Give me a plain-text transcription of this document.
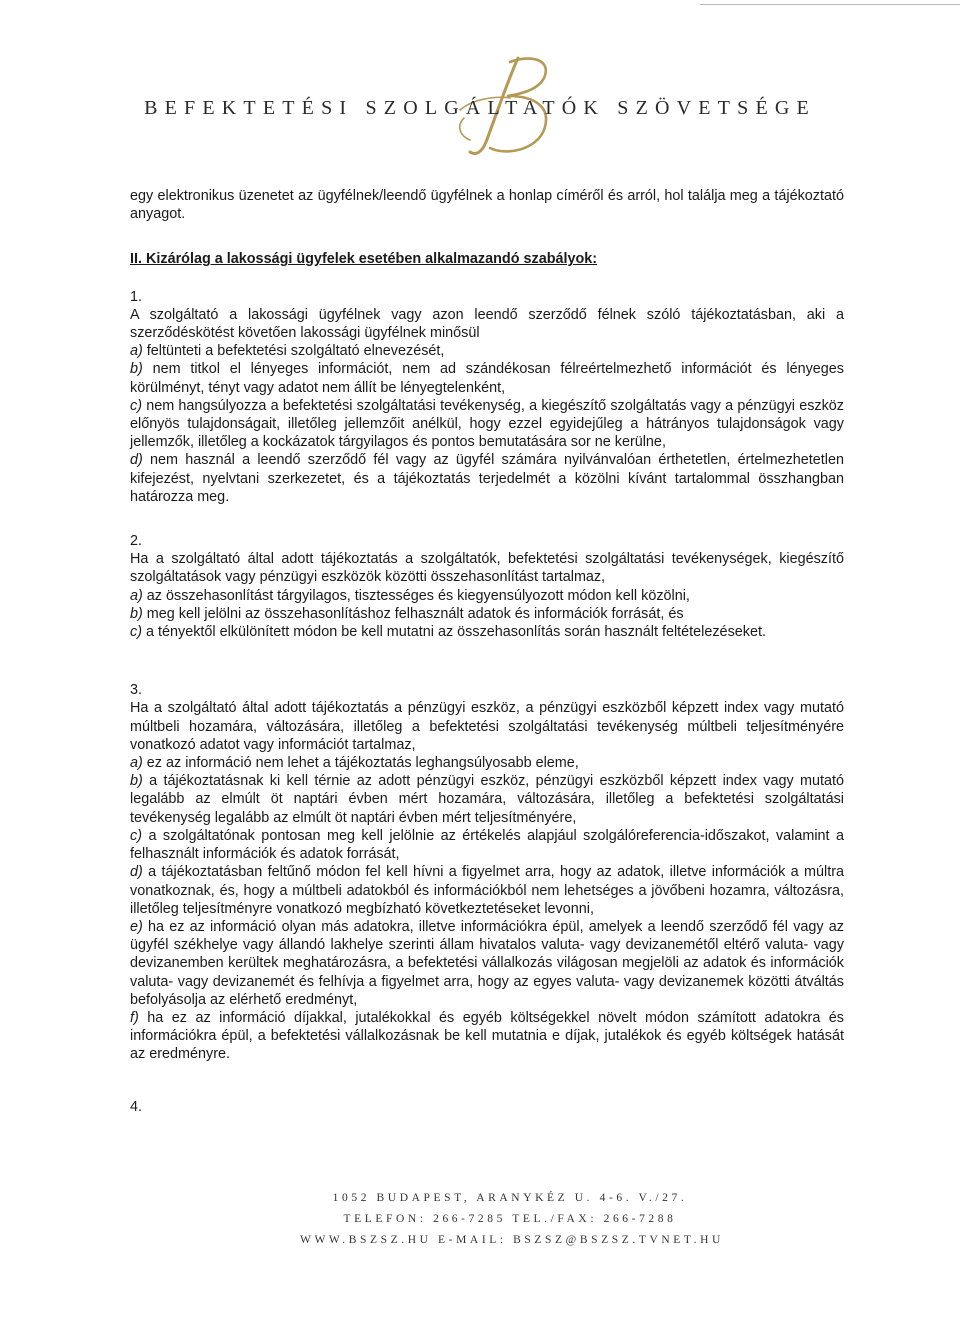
BEFEKTETÉSI SZOLGÁLTATÓK SZÖVETSÉGE

egy elektronikus üzenetet az ügyfélnek/leendő ügyfélnek a honlap címéről és arról, hol találja meg a tájékoztató anyagot.

II. Kizárólag a lakossági ügyfelek esetében alkalmazandó szabályok:

1.

A szolgáltató a lakossági ügyfélnek vagy azon leendő szerződő félnek szóló tájékoztatásban, aki a szerződéskötést követően lakossági ügyfélnek minősül

a) feltünteti a befektetési szolgáltató elnevezését,

b) nem titkol el lényeges információt, nem ad szándékosan félreértelmezhető információt és lényeges körülményt, tényt vagy adatot nem állít be lényegtelenként,

c) nem hangsúlyozza a befektetési szolgáltatási tevékenység, a kiegészítő szolgáltatás vagy a pénzügyi eszköz előnyös tulajdonságait, illetőleg jellemzőit anélkül, hogy ezzel egyidejűleg a hátrányos tulajdonságok vagy jellemzők, illetőleg a kockázatok tárgyilagos és pontos bemutatására sor ne kerülne,

d) nem használ a leendő szerződő fél vagy az ügyfél számára nyilvánvalóan érthetetlen, értelmezhetetlen kifejezést, nyelvtani szerkezetet, és a tájékoztatás terjedelmét a közölni kívánt tartalommal összhangban határozza meg.

2.

Ha a szolgáltató által adott tájékoztatás a szolgáltatók, befektetési szolgáltatási tevékenységek, kiegészítő szolgáltatások vagy pénzügyi eszközök közötti összehasonlítást tartalmaz,

a) az összehasonlítást tárgyilagos, tisztességes és kiegyensúlyozott módon kell közölni,

b) meg kell jelölni az összehasonlításhoz felhasznált adatok és információk forrását, és

c) a tényektől elkülönített módon be kell mutatni az összehasonlítás során használt feltételezéseket.

3.

Ha a szolgáltató által adott tájékoztatás a pénzügyi eszköz, a pénzügyi eszközből képzett index vagy mutató múltbeli hozamára, változására, illetőleg a befektetési szolgáltatási tevékenység múltbeli teljesítményére vonatkozó adatot vagy információt tartalmaz,

a) ez az információ nem lehet a tájékoztatás leghangsúlyosabb eleme,

b) a tájékoztatásnak ki kell térnie az adott pénzügyi eszköz, pénzügyi eszközből képzett index vagy mutató legalább az elmúlt öt naptári évben mért hozamára, változására, illetőleg a befektetési szolgáltatási tevékenység legalább az elmúlt öt naptári évben mért teljesítményére,

c) a szolgáltatónak pontosan meg kell jelölnie az értékelés alapjául szolgálóreferencia-időszakot, valamint a felhasznált információk és adatok forrását,

d) a tájékoztatásban feltűnő módon fel kell hívni a figyelmet arra, hogy az adatok, illetve információk a múltra vonatkoznak, és, hogy a múltbeli adatokból és információkból nem lehetséges a jövőbeni hozamra, változásra, illetőleg teljesítményre vonatkozó megbízható következtetéseket levonni,

e) ha ez az információ olyan más adatokra, illetve információkra épül, amelyek a leendő szerződő fél vagy az ügyfél székhelye vagy állandó lakhelye szerinti állam hivatalos valuta- vagy devizanemétől eltérő valuta- vagy devizanemben kerültek meghatározásra, a befektetési vállalkozás világosan megjelöli az adatok és információk valuta- vagy devizanemét és felhívja a figyelmet arra, hogy az egyes valuta- vagy devizanemek közötti átváltás befolyásolja az elérhető eredményt,

f) ha ez az információ díjakkal, jutalékokkal és egyéb költségekkel növelt módon számított adatokra és információkra épül, a befektetési vállalkozásnak be kell mutatnia e díjak, jutalékok és egyéb költségek hatását az eredményre.

4.

1052 BUDAPEST, ARANYKÉZ U. 4-6. V./27.
TELEFON: 266-7285 TEL./FAX: 266-7288
WWW.BSZSZ.HU E-MAIL: BSZSZ@BSZSZ.TVNET.HU
